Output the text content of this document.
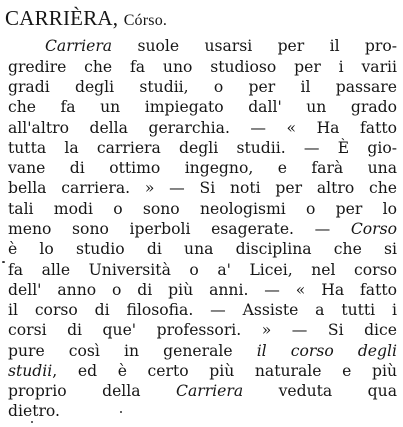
CARRIÈRA, Córso.
Carriera suole usarsi per il pro-
gredire che fa uno studioso per i varii
gradi degli studii, o per il passare
che fa un impiegato dall' un grado
all'altro della gerarchia. — « Ha fatto
tutta la carriera degli studii. — È gio-
vane di ottimo ingegno, e farà una
bella carriera. » — Si noti per altro che
tali modi o sono neologismi o per lo
meno sono iperboli esagerate. — Corso
è lo studio di una disciplina che si
fa alle Università o a' Licei, nel corso
dell' anno o di più anni. — « Ha fatto
il corso di filosofia. — Assiste a tutti i
corsi di que' professori. » — Si dice
pure così in generale il corso degli
studii, ed è certo più naturale e più
proprio della Carriera veduta qua
dietro.
